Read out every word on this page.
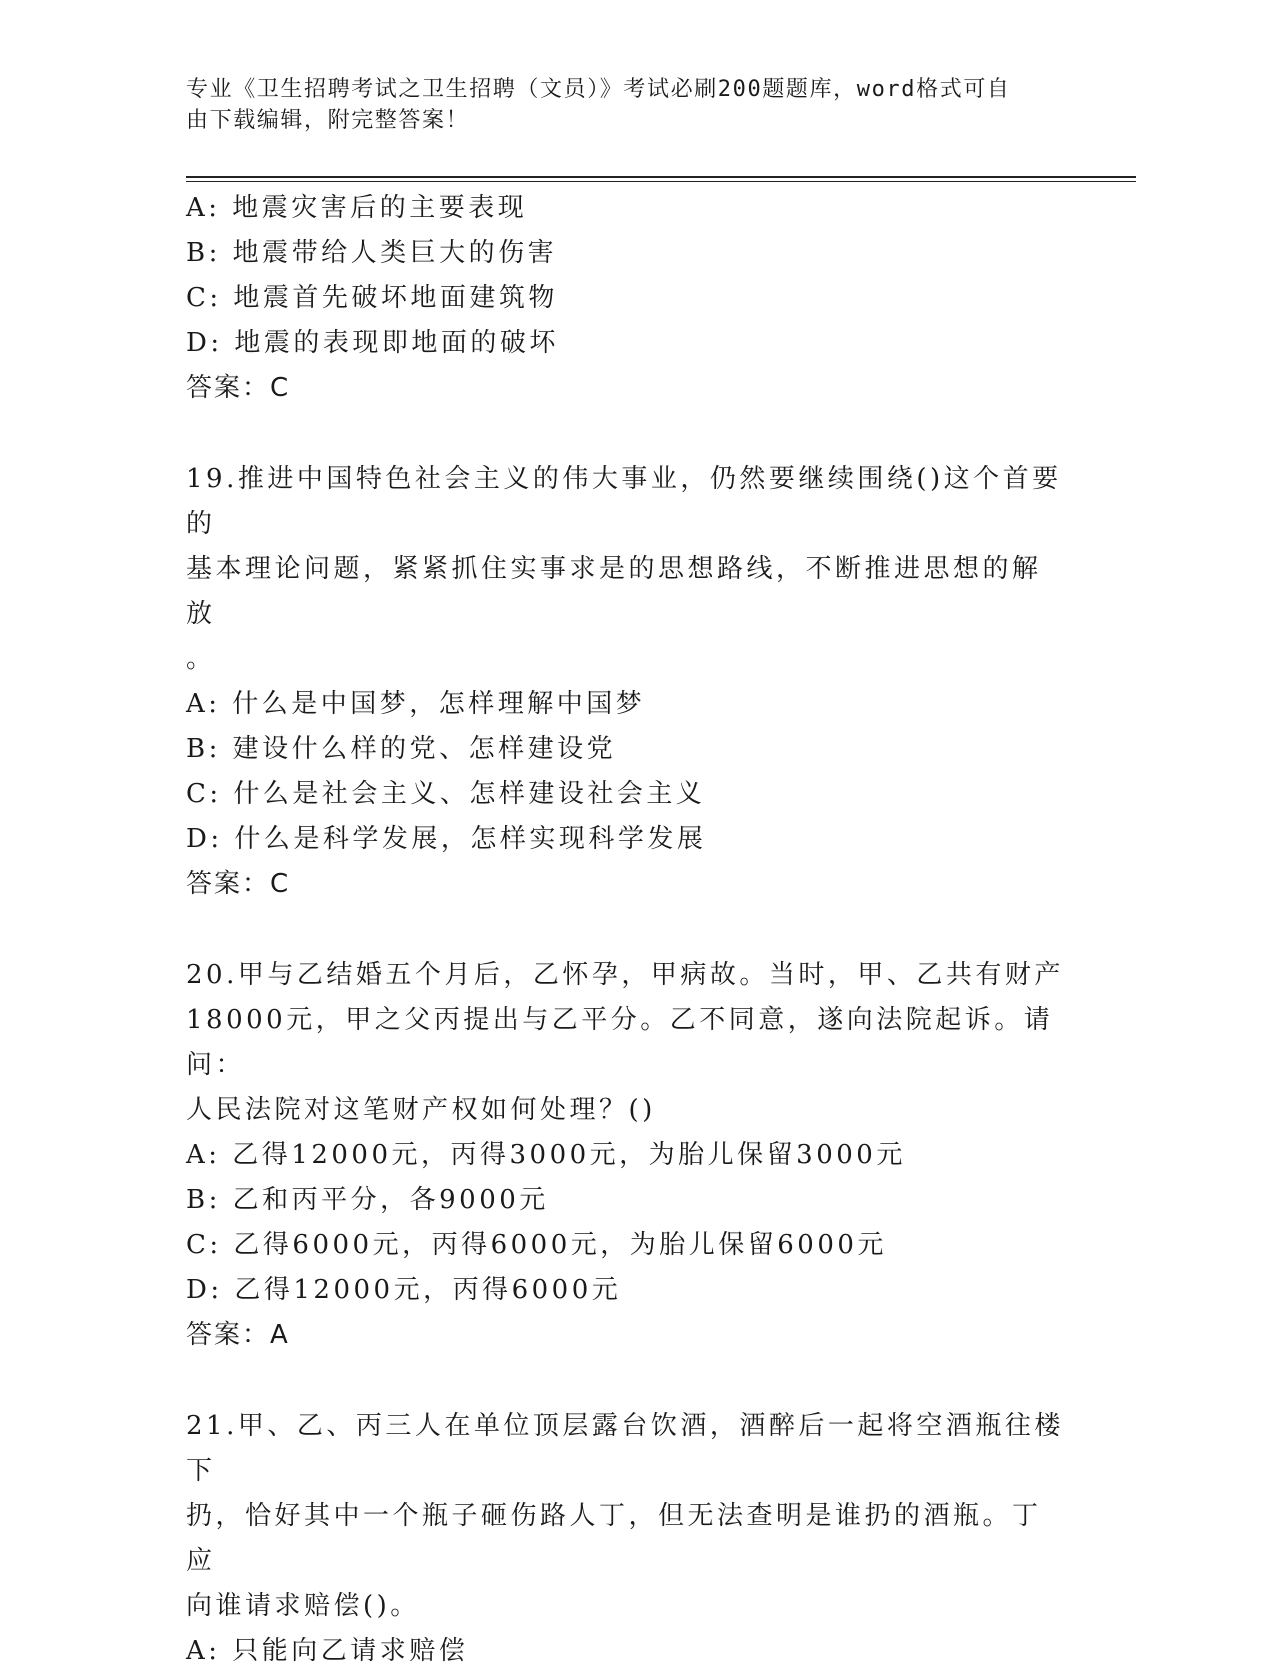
专业《卫生招聘考试之卫生招聘（文员）》考试必刷200题题库，word格式可自
由下载编辑，附完整答案！
A: 地震灾害后的主要表现
B: 地震带给人类巨大的伤害
C: 地震首先破坏地面建筑物
D: 地震的表现即地面的破坏
答案：C
19.推进中国特色社会主义的伟大事业，仍然要继续围绕()这个首要的
基本理论问题，紧紧抓住实事求是的思想路线，不断推进思想的解放
。
A: 什么是中国梦，怎样理解中国梦
B: 建设什么样的党、怎样建设党
C: 什么是社会主义、怎样建设社会主义
D: 什么是科学发展，怎样实现科学发展
答案：C
20.甲与乙结婚五个月后，乙怀孕，甲病故。当时，甲、乙共有财产
18000元，甲之父丙提出与乙平分。乙不同意，遂向法院起诉。请问：
人民法院对这笔财产权如何处理？()
A: 乙得12000元，丙得3000元，为胎儿保留3000元
B: 乙和丙平分，各9000元
C: 乙得6000元，丙得6000元，为胎儿保留6000元
D: 乙得12000元，丙得6000元
答案：A
21.甲、乙、丙三人在单位顶层露台饮酒，酒醉后一起将空酒瓶往楼下
扔，恰好其中一个瓶子砸伤路人丁，但无法查明是谁扔的酒瓶。丁应
向谁请求赔偿()。
A: 只能向乙请求赔偿
